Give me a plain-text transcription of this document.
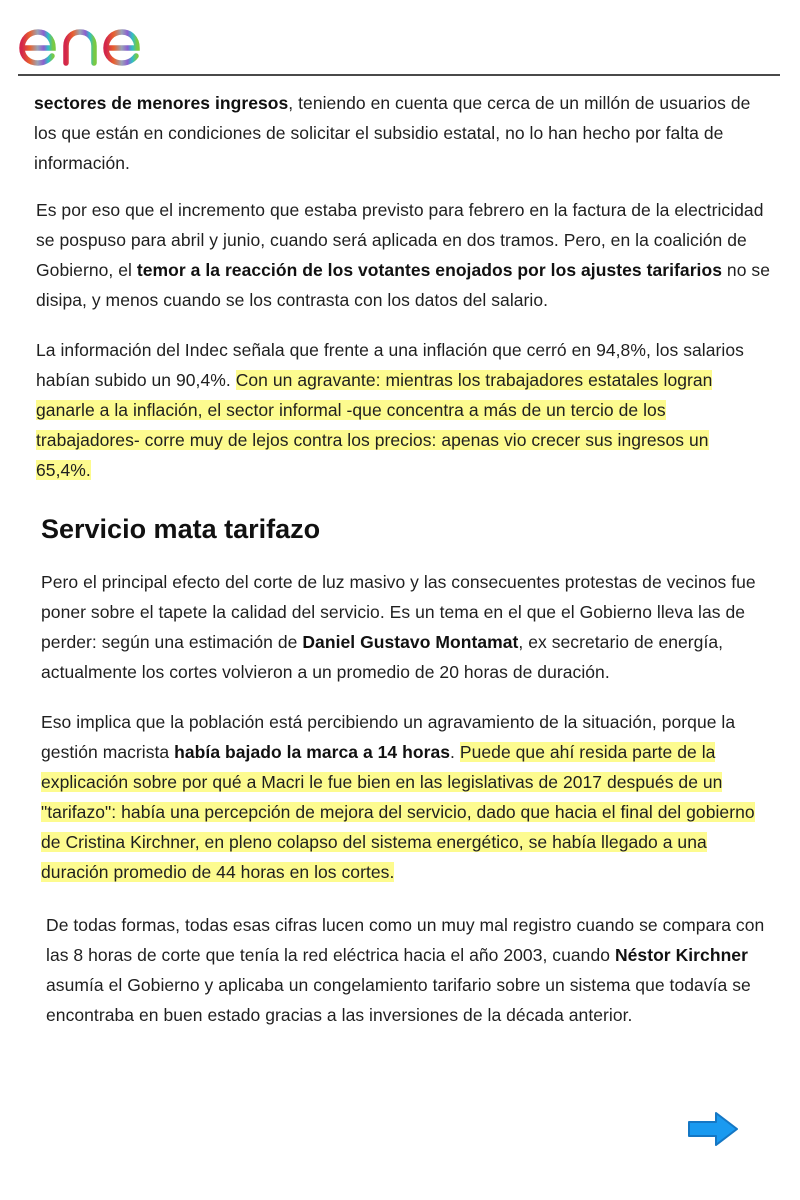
sectores de menores ingresos, teniendo en cuenta que cerca de un millón de usuarios de los que están en condiciones de solicitar el subsidio estatal, no lo han hecho por falta de información.

Es por eso que el incremento que estaba previsto para febrero en la factura de la electricidad se pospuso para abril y junio, cuando será aplicada en dos tramos. Pero, en la coalición de Gobierno, el temor a la reacción de los votantes enojados por los ajustes tarifarios no se disipa, y menos cuando se los contrasta con los datos del salario.

La información del Indec señala que frente a una inflación que cerró en 94,8%, los salarios habían subido un 90,4%. Con un agravante: mientras los trabajadores estatales logran ganarle a la inflación, el sector informal -que concentra a más de un tercio de los trabajadores- corre muy de lejos contra los precios: apenas vio crecer sus ingresos un 65,4%.

Servicio mata tarifazo

Pero el principal efecto del corte de luz masivo y las consecuentes protestas de vecinos fue poner sobre el tapete la calidad del servicio. Es un tema en el que el Gobierno lleva las de perder: según una estimación de Daniel Gustavo Montamat, ex secretario de energía, actualmente los cortes volvieron a un promedio de 20 horas de duración.

Eso implica que la población está percibiendo un agravamiento de la situación, porque la gestión macrista había bajado la marca a 14 horas. Puede que ahí resida parte de la explicación sobre por qué a Macri le fue bien en las legislativas de 2017 después de un "tarifazo": había una percepción de mejora del servicio, dado que hacia el final del gobierno de Cristina Kirchner, en pleno colapso del sistema energético, se había llegado a una duración promedio de 44 horas en los cortes.

De todas formas, todas esas cifras lucen como un muy mal registro cuando se compara con las 8 horas de corte que tenía la red eléctrica hacia el año 2003, cuando Néstor Kirchner asumía el Gobierno y aplicaba un congelamiento tarifario sobre un sistema que todavía se encontraba en buen estado gracias a las inversiones de la década anterior.
